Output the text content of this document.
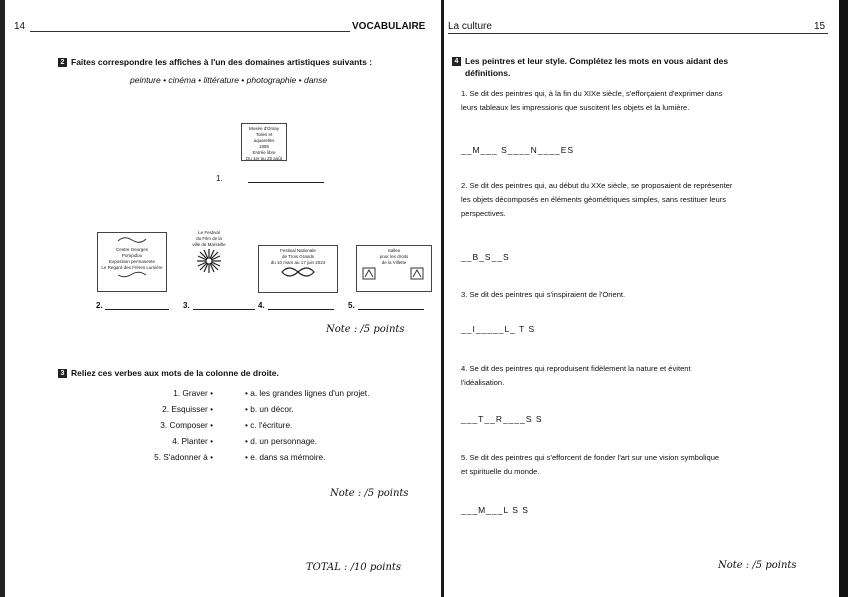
14	VOCABULAIRE
2 Faites correspondre les affiches à l'un des domaines artistiques suivants :
peinture • cinéma • littérature • photographie • danse
Musée d'Orsay
Toiles et aquarelles
1885
Entrée libre
Du 1er au 25 août
1.
Centre Georges
Pompidou
Exposition permanente
Le Regard des Frères Lumière
Le Festival
du Film de la
ville de Marseille
Festival Nationale
de Trois Grands
du 10 mars au 17 juin 2024
Salles
pour les droits
de la Villette
2.	3.	4.	5.
Note : /5 points
3 Reliez ces verbes aux mots de la colonne de droite.
1. Graver •
2. Esquisser •
3. Composer •
4. Planter •
5. S'adonner à •
• a. les grandes lignes d'un projet.
• b. un décor.
• c. l'écriture.
• d. un personnage.
• e. dans sa mémoire.
Note : /5 points
TOTAL : /10 points
La culture	15
4 Les peintres et leur style. Complétez les mots en vous aidant des
définitions.
1. Se dit des peintres qui, à la fin du XIXe siècle, s'efforçaient d'exprimer dans
leurs tableaux les impressions que suscitent les objets et la lumière.
__M___ S____N____ES
2. Se dit des peintres qui, au début du XXe siècle, se proposaient de représenter
les objets décomposés en éléments géométriques simples, sans restituer leurs
perspectives.
__B_S__S
3. Se dit des peintres qui s'inspiraient de l'Orient.
__I_____L_ T S
4. Se dit des peintres qui reproduisent fidèlement la nature et évitent
l'idéalisation.
___T__R____S S
5. Se dit des peintres qui s'efforcent de fonder l'art sur une vision symbolique
et spirituelle du monde.
___M___L S S
Note : /5 points
